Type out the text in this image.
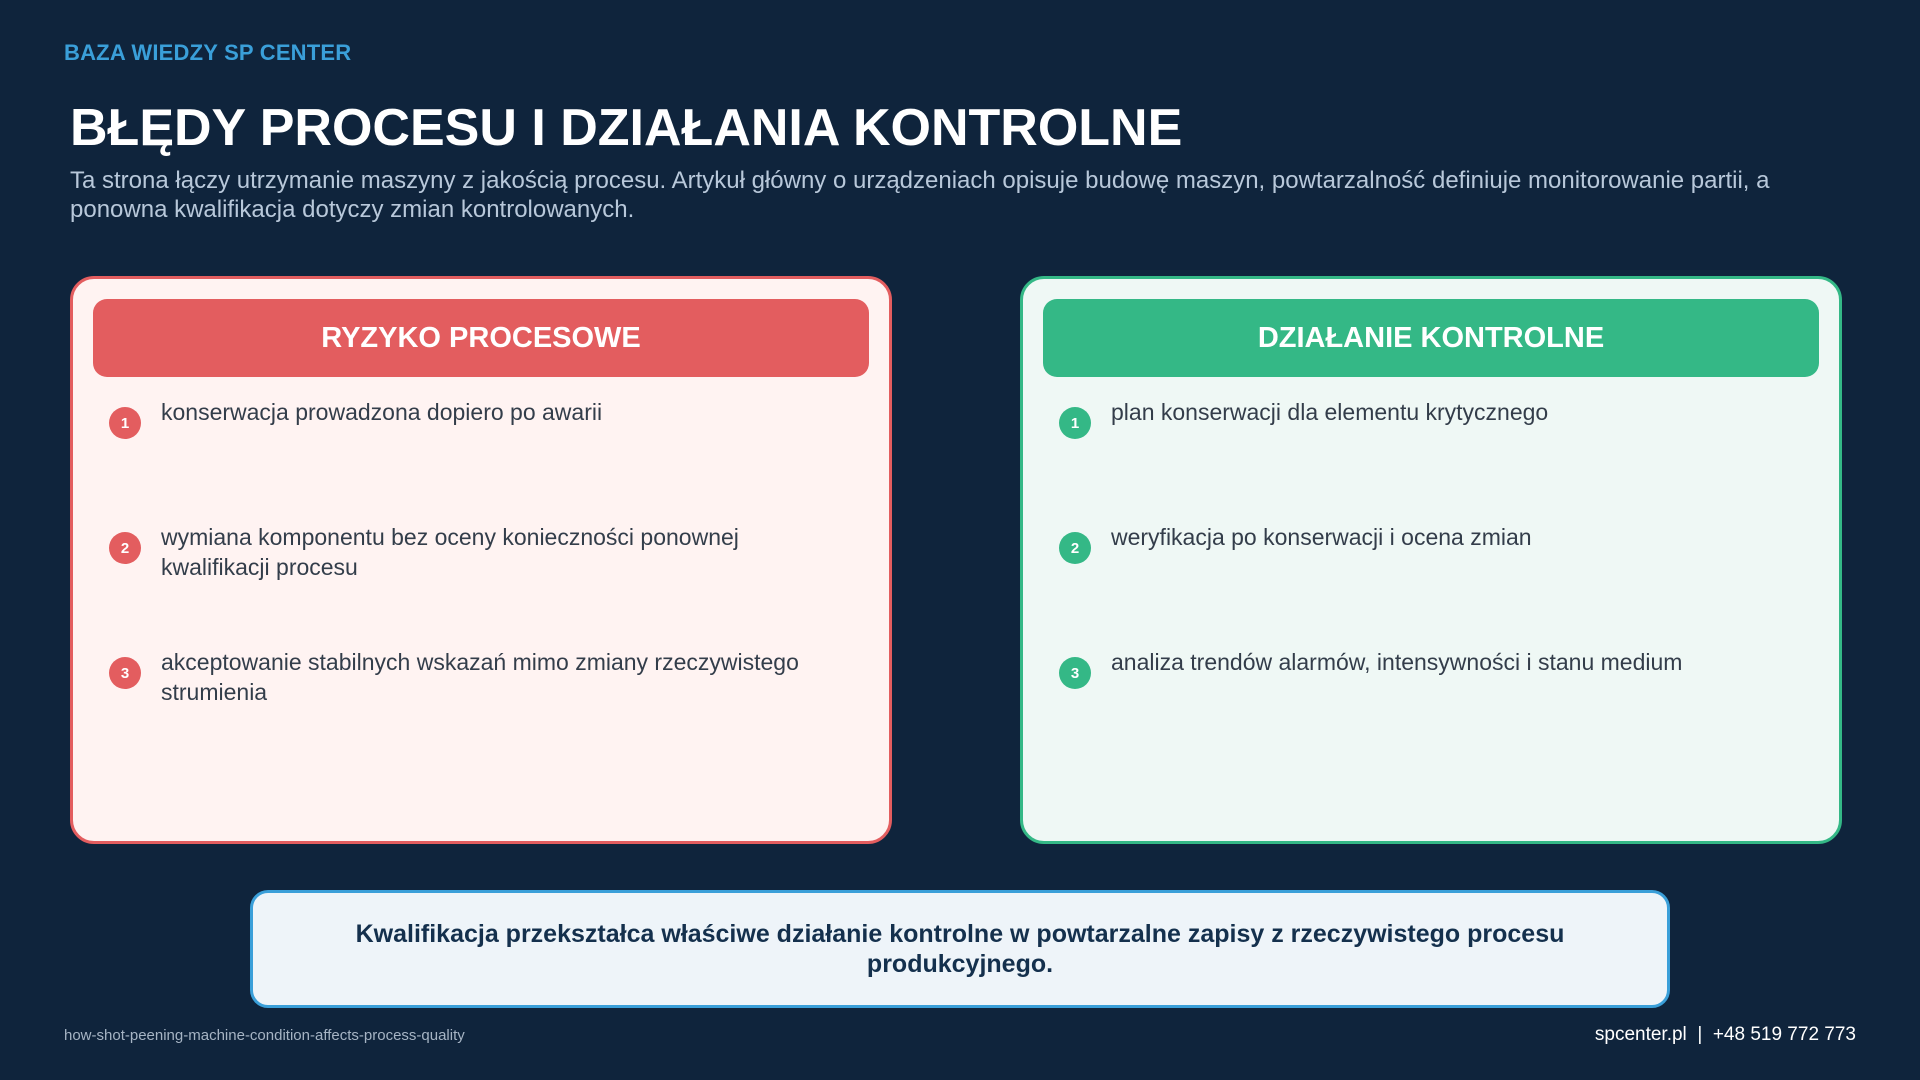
BAZA WIEDZY SP CENTER
BŁĘDY PROCESU I DZIAŁANIA KONTROLNE

Ta strona łączy utrzymanie maszyny z jakością procesu. Artykuł główny o urządzeniach opisuje budowę maszyn, powtarzalność definiuje monitorowanie partii, a ponowna kwalifikacja dotyczy zmian kontrolowanych.

RYZYKO PROCESOWE
1	konserwacja prowadzona dopiero po awarii
2	wymiana komponentu bez oceny konieczności ponownej kwalifikacji procesu
3	akceptowanie stabilnych wskazań mimo zmiany rzeczywistego strumienia
DZIAŁANIE KONTROLNE
1	plan konserwacji dla elementu krytycznego
2	weryfikacja po konserwacji i ocena zmian
3	analiza trendów alarmów, intensywności i stanu medium
Kwalifikacja przekształca właściwe działanie kontrolne w powtarzalne zapisy z rzeczywistego procesu produkcyjnego.
how-shot-peening-machine-condition-affects-process-quality	spcenter.pl  |  +48 519 772 773
